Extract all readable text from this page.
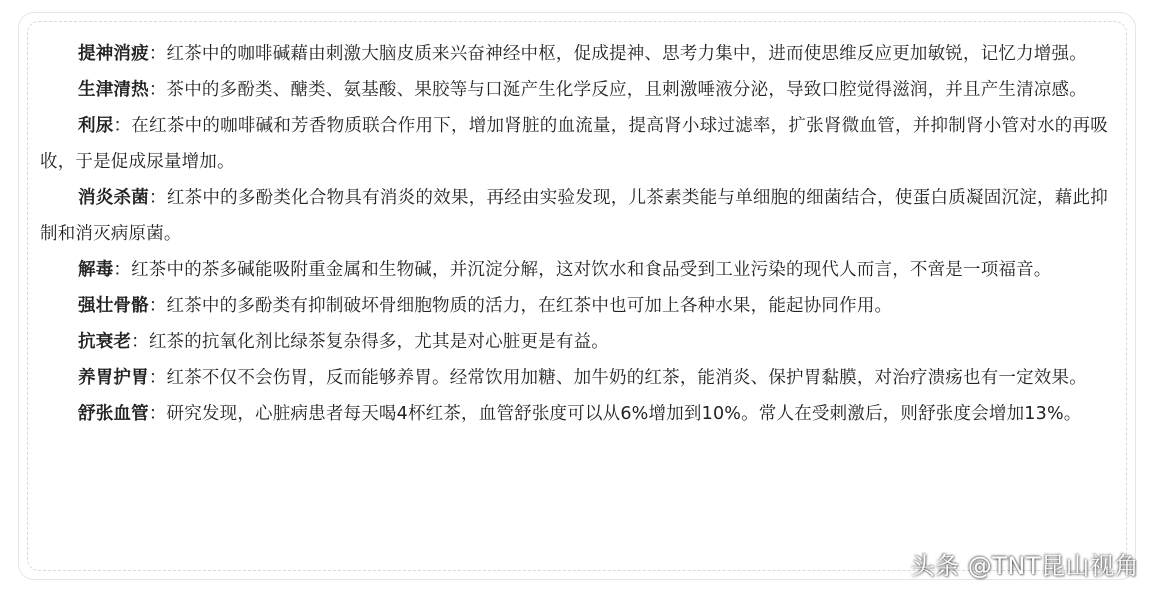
提神消疲：红茶中的咖啡碱藉由刺激大脑皮质来兴奋神经中枢，促成提神、思考力集中，进而使思维反应更加敏锐，记忆力增强。

生津清热：茶中的多酚类、醣类、氨基酸、果胶等与口涎产生化学反应，且刺激唾液分泌，导致口腔觉得滋润，并且产生清凉感。

利尿：在红茶中的咖啡碱和芳香物质联合作用下，增加肾脏的血流量，提高肾小球过滤率，扩张肾微血管，并抑制肾小管对水的再吸收，于是促成尿量增加。

消炎杀菌：红茶中的多酚类化合物具有消炎的效果，再经由实验发现，儿茶素类能与单细胞的细菌结合，使蛋白质凝固沉淀，藉此抑制和消灭病原菌。

解毒：红茶中的茶多碱能吸附重金属和生物碱，并沉淀分解，这对饮水和食品受到工业污染的现代人而言，不啻是一项福音。

强壮骨骼：红茶中的多酚类有抑制破坏骨细胞物质的活力，在红茶中也可加上各种水果，能起协同作用。

抗衰老：红茶的抗氧化剂比绿茶复杂得多，尤其是对心脏更是有益。

养胃护胃：红茶不仅不会伤胃，反而能够养胃。经常饮用加糖、加牛奶的红茶，能消炎、保护胃黏膜，对治疗溃疡也有一定效果。

舒张血管：研究发现，心脏病患者每天喝4杯红茶，血管舒张度可以从6%增加到10%。常人在受刺激后，则舒张度会增加13%。

头条 @TNT昆山视角
